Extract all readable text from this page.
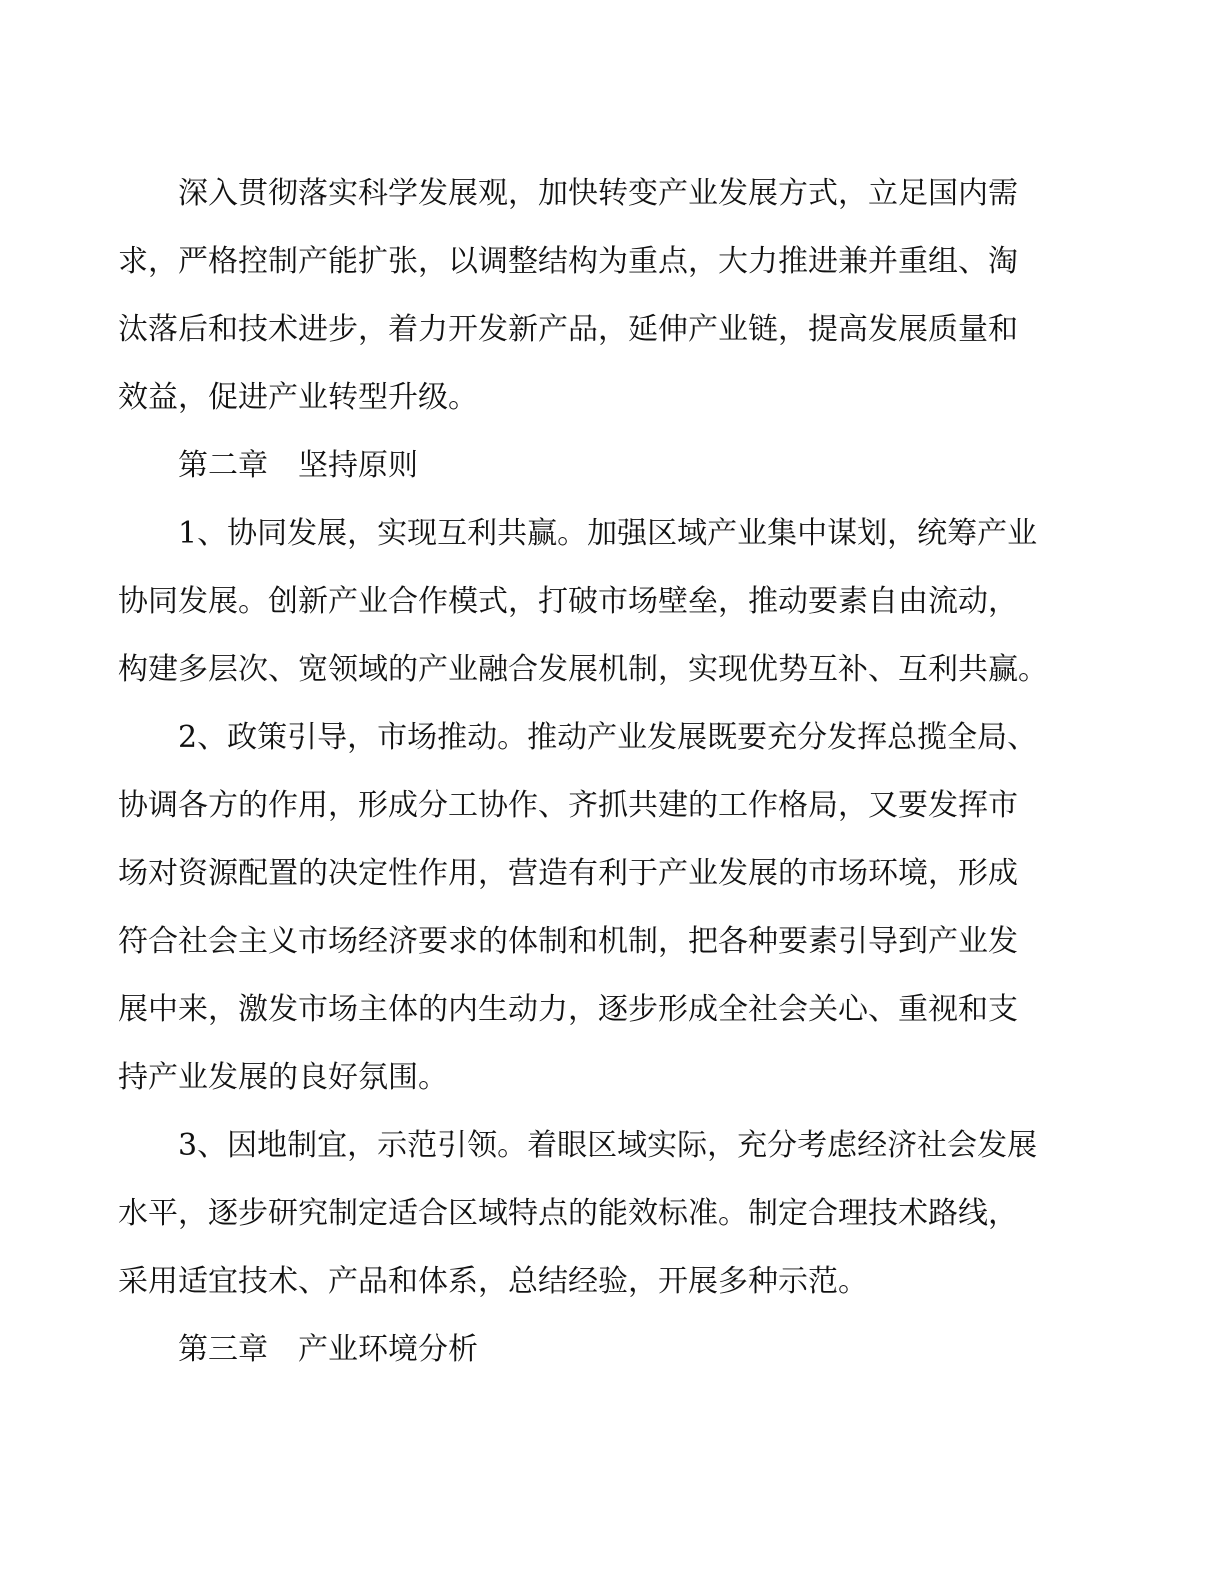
深入贯彻落实科学发展观，加快转变产业发展方式，立足国内需
求，严格控制产能扩张，以调整结构为重点，大力推进兼并重组、淘
汰落后和技术进步，着力开发新产品，延伸产业链，提高发展质量和
效益，促进产业转型升级。
第二章　坚持原则
1、协同发展，实现互利共赢。加强区域产业集中谋划，统筹产业
协同发展。创新产业合作模式，打破市场壁垒，推动要素自由流动，
构建多层次、宽领域的产业融合发展机制，实现优势互补、互利共赢。
2、政策引导，市场推动。推动产业发展既要充分发挥总揽全局、
协调各方的作用，形成分工协作、齐抓共建的工作格局，又要发挥市
场对资源配置的决定性作用，营造有利于产业发展的市场环境，形成
符合社会主义市场经济要求的体制和机制，把各种要素引导到产业发
展中来，激发市场主体的内生动力，逐步形成全社会关心、重视和支
持产业发展的良好氛围。
3、因地制宜，示范引领。着眼区域实际，充分考虑经济社会发展
水平，逐步研究制定适合区域特点的能效标准。制定合理技术路线，
采用适宜技术、产品和体系，总结经验，开展多种示范。
第三章　产业环境分析
